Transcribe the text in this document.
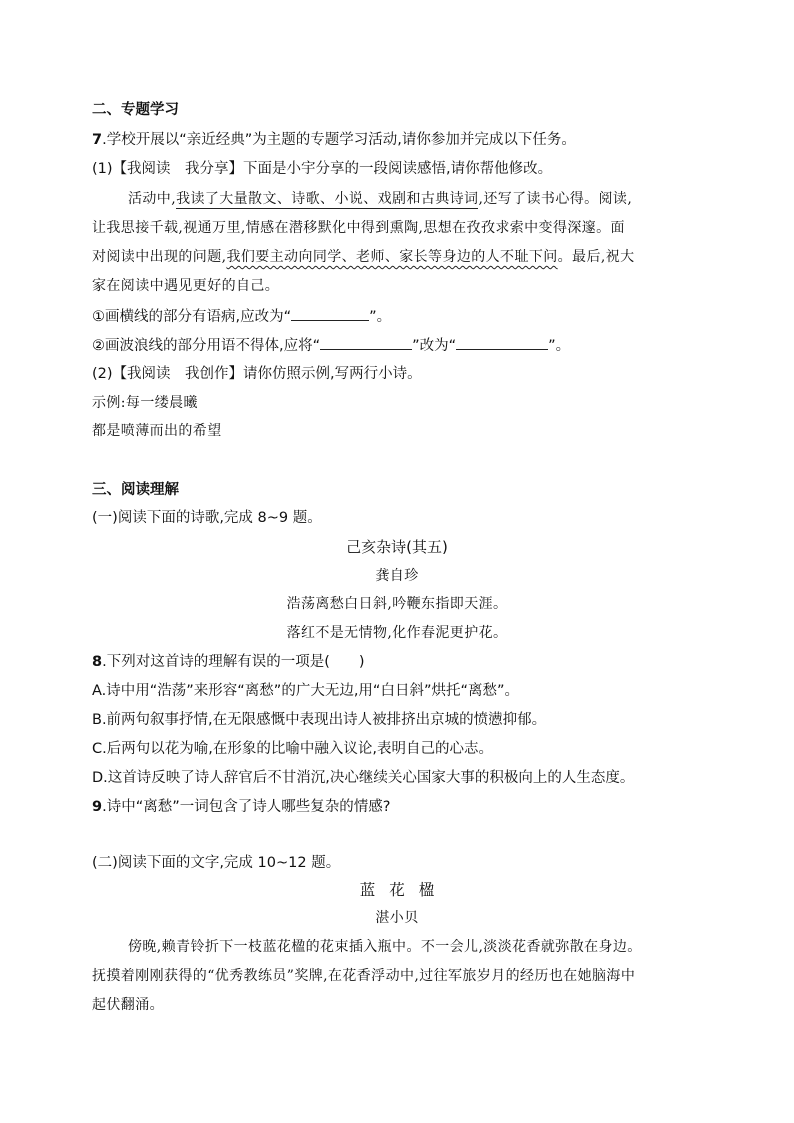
二、专题学习
7.学校开展以“亲近经典”为主题的专题学习活动,请你参加并完成以下任务。
(1)【我阅读　我分享】下面是小宇分享的一段阅读感悟,请你帮他修改。
活动中,我读了大量散文、诗歌、小说、戏剧和古典诗词,还写了读书心得。阅读,
让我思接千载,视通万里,情感在潜移默化中得到熏陶,思想在孜孜求索中变得深邃。面
对阅读中出现的问题,我们要主动向同学、老师、家长等身边的人不耻下问。最后,祝大
家在阅读中遇见更好的自己。
①画横线的部分有语病,应改为“	”。
②画波浪线的部分用语不得体,应将“	”改为“	”。
(2)【我阅读　我创作】请你仿照示例,写两行小诗。
示例:每一缕晨曦
都是喷薄而出的希望
三、阅读理解
(一)阅读下面的诗歌,完成 8~9 题。
己亥杂诗(其五)
龚自珍
浩荡离愁白日斜,吟鞭东指即天涯。
落红不是无情物,化作春泥更护花。
8.下列对这首诗的理解有误的一项是(　　)
A.诗中用“浩荡”来形容“离愁”的广大无边,用“白日斜”烘托“离愁”。
B.前两句叙事抒情,在无限感慨中表现出诗人被排挤出京城的愤懑抑郁。
C.后两句以花为喻,在形象的比喻中融入议论,表明自己的心志。
D.这首诗反映了诗人辞官后不甘消沉,决心继续关心国家大事的积极向上的人生态度。
9.诗中“离愁”一词包含了诗人哪些复杂的情感?
(二)阅读下面的文字,完成 10~12 题。
蓝花楹
湛小贝
傍晚,赖青铃折下一枝蓝花楹的花束插入瓶中。不一会儿,淡淡花香就弥散在身边。
抚摸着刚刚获得的“优秀教练员”奖牌,在花香浮动中,过往军旅岁月的经历也在她脑海中
起伏翻涌。
